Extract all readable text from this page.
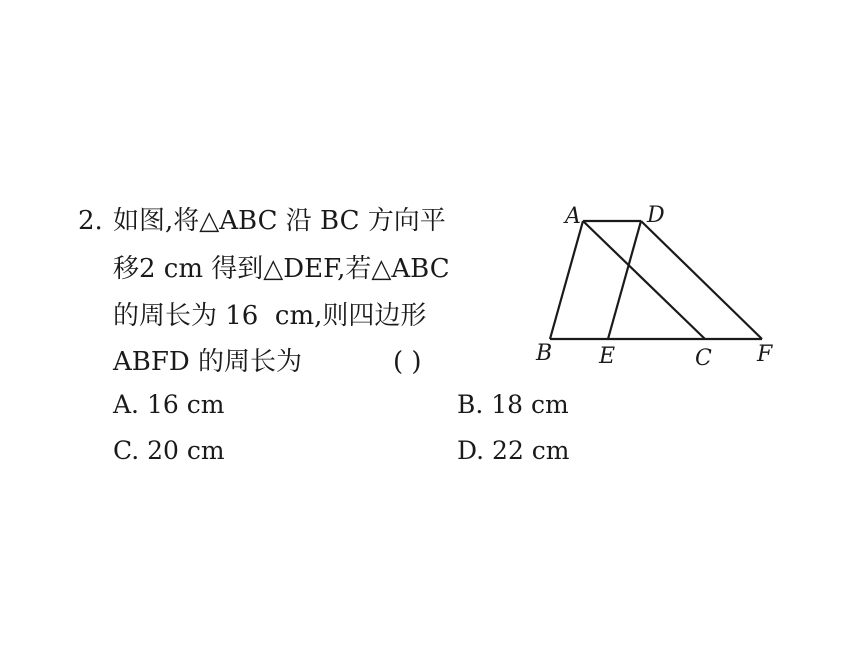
2. 如图,将△ABC 沿 BC 方向平
移2 cm 得到△DEF,若△ABC
的周长为 16  cm,则四边形
ABFD 的周长为	( )
A. 16 cm	B. 18 cm
C. 20 cm	D. 22 cm
A	D
B E	C F
